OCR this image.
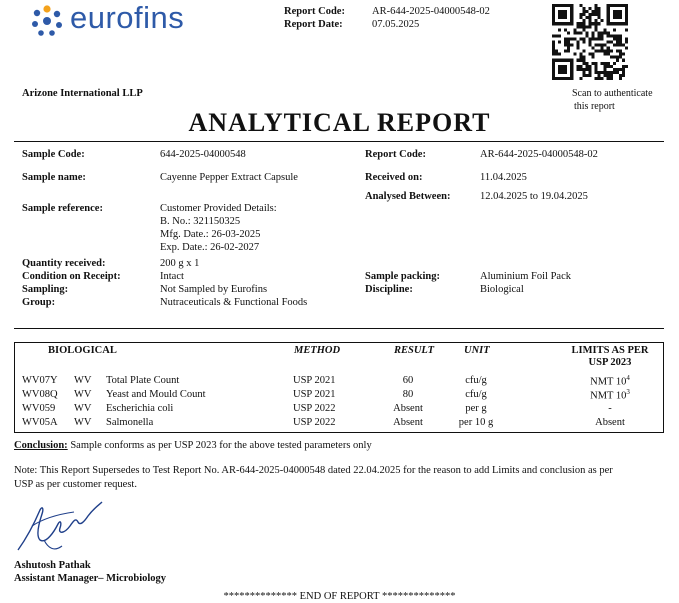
eurofins	Report Code:	AR-644-2025-04000548-02
Report Date:	07.05.2025
Scan to authenticate
this report
Arizone International LLP
ANALYTICAL REPORT
Sample Code:	644-2025-04000548
Sample name:	Cayenne Pepper Extract Capsule
Sample reference:	Customer Provided Details:
B. No.: 321150325
Mfg. Date.: 26-03-2025
Exp. Date.: 26-02-2027
Quantity received:	200 g x 1
Condition on Receipt:	Intact
Sampling:	Not Sampled by Eurofins
Group:	Nutraceuticals & Functional Foods
Report Code:	AR-644-2025-04000548-02
Received on:	11.04.2025
Analysed Between:	12.04.2025 to 19.04.2025
Sample packing:	Aluminium Foil Pack
Discipline:	Biological
BIOLOGICAL	METHOD	RESULT	UNIT	LIMITS AS PER
USP 2023
WV07Y WV Total Plate Count	USP 2021	60	cfu/g	NMT $10^4$
WV08Q WV Yeast and Mould Count	USP 2021	80	cfu/g	NMT $10^3$
WV059 WV Escherichia coli	USP 2022	Absent	per g	-
WV05A WV Salmonella	USP 2022	Absent	per 10 g	Absent
Conclusion: Sample conforms as per USP 2023 for the above tested parameters only
Note: This Report Supersedes to Test Report No. AR-644-2025-04000548 dated 22.04.2025 for the reason to add Limits and conclusion as per
USP as per customer request.
Ashutosh Pathak
Assistant Manager– Microbiology
************** END OF REPORT **************
